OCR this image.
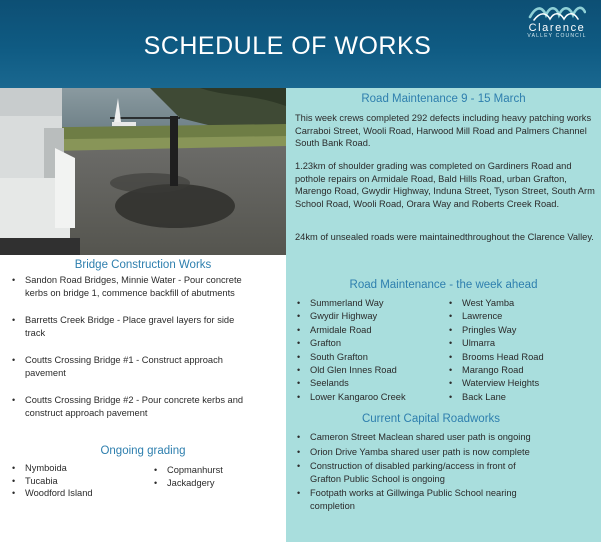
SCHEDULE OF WORKS
Clarence
VALLEY COUNCIL
Bridge Construction Works
• Sandon Road Bridges, Minnie Water - Pour concrete kerbs on bridge 1, commence backfill of abutments
• Barretts Creek Bridge - Place gravel layers for side track
• Coutts Crossing Bridge #1 - Construct approach pavement
• Coutts Crossing Bridge #2 - Pour concrete kerbs and construct approach pavement
Ongoing grading
• Nymboida
• Tucabia
• Woodford Island
• Copmanhurst
• Jackadgery
Road Maintenance 9 - 15 March

This week crews completed 292 defects including heavy patching works Carraboi Street, Wooli Road, Harwood Mill Road and Palmers Channel South Bank Road.

1.23km of shoulder grading was completed on Gardiners Road and pothole repairs on Armidale Road, Bald Hills Road, urban Grafton, Marengo Road, Gwydir Highway, Induna Street, Tyson Street, South Arm School Road, Wooli Road, Orara Way and Roberts Creek Road.

24km of unsealed roads were maintainedthroughout the Clarence Valley.

Road Maintenance - the week ahead
• Summerland Way
• Gwydir Highway
• Armidale Road
• Grafton
• South Grafton
• Old Glen Innes Road
• Seelands
• Lower Kangaroo Creek
• West Yamba
• Lawrence
• Pringles Way
• Ulmarra
• Brooms Head Road
• Marango Road
• Waterview Heights
• Back Lane
Current Capital Roadworks
• Cameron Street Maclean shared user path is ongoing
• Orion Drive Yamba shared user path is now complete
• Construction of disabled parking/access in front of Grafton Public School is ongoing
• Footpath works at Gillwinga Public School nearing completion
